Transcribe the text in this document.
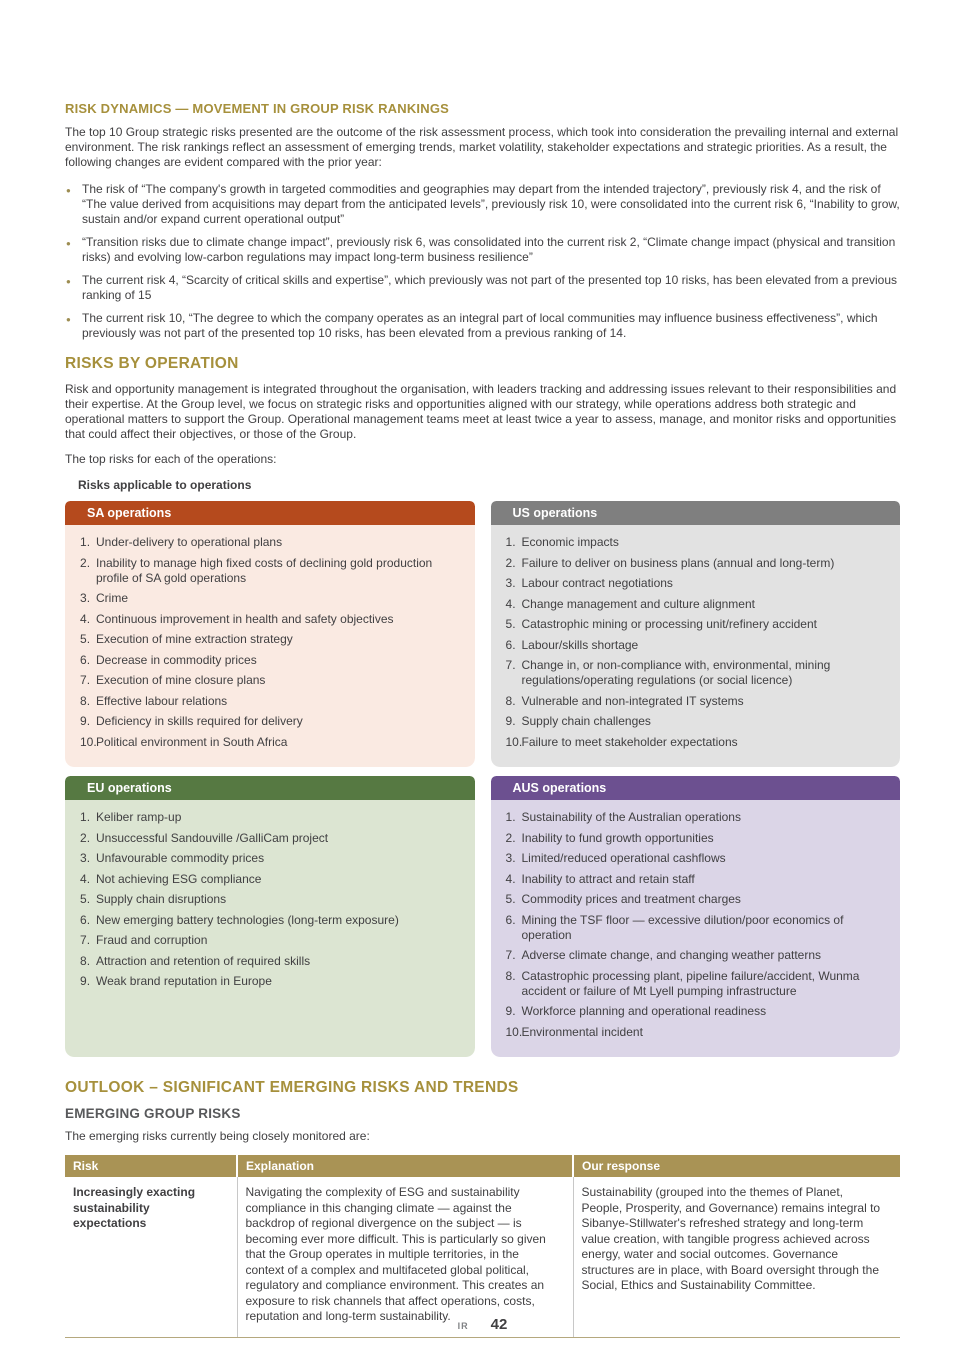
RISK DYNAMICS — MOVEMENT IN GROUP RISK RANKINGS

The top 10 Group strategic risks presented are the outcome of the risk assessment process, which took into consideration the prevailing internal and external environment. The risk rankings reflect an assessment of emerging trends, market volatility, stakeholder expectations and strategic priorities. As a result, the following changes are evident compared with the prior year:

● The risk of “The company's growth in targeted commodities and geographies may depart from the intended trajectory”, previously risk 4, and the risk of “The value derived from acquisitions may depart from the anticipated levels”, previously risk 10, were consolidated into the current risk 6, “Inability to grow, sustain and/or expand current operational output”
● “Transition risks due to climate change impact”, previously risk 6, was consolidated into the current risk 2, “Climate change impact (physical and transition risks) and evolving low-carbon regulations may impact long-term business resilience”
● The current risk 4, “Scarcity of critical skills and expertise”, which previously was not part of the presented top 10 risks, has been elevated from a previous ranking of 15
● The current risk 10, “The degree to which the company operates as an integral part of local communities may influence business effectiveness”, which previously was not part of the presented top 10 risks, has been elevated from a previous ranking of 14.
RISKS BY OPERATION

Risk and opportunity management is integrated throughout the organisation, with leaders tracking and addressing issues relevant to their responsibilities and their expertise. At the Group level, we focus on strategic risks and opportunities aligned with our strategy, while operations address both strategic and operational matters to support the Group. Operational management teams meet at least twice a year to assess, manage, and monitor risks and opportunities that could affect their objectives, or those of the Group.

The top risks for each of the operations:

Risks applicable to operations

SA operations
Under-delivery to operational plans
Inability to manage high fixed costs of declining gold production profile of SA gold operations
Crime
Continuous improvement in health and safety objectives
Execution of mine extraction strategy
Decrease in commodity prices
Execution of mine closure plans
Effective labour relations
Deficiency in skills required for delivery
10. Political environment in South Africa
US operations
Economic impacts
Failure to deliver on business plans (annual and long-term)
Labour contract negotiations
Change management and culture alignment
Catastrophic mining or processing unit/refinery accident
Labour/skills shortage
Change in, or non-compliance with, environmental, mining regulations/operating regulations (or social licence)
Vulnerable and non-integrated IT systems
Supply chain challenges
10. Failure to meet stakeholder expectations
EU operations
Keliber ramp-up
Unsuccessful Sandouville /GalliCam project
Unfavourable commodity prices
Not achieving ESG compliance
Supply chain disruptions
New emerging battery technologies (long-term exposure)
Fraud and corruption
Attraction and retention of required skills
Weak brand reputation in Europe
AUS operations
Sustainability of the Australian operations
Inability to fund growth opportunities
Limited/reduced operational cashflows
Inability to attract and retain staff
Commodity prices and treatment charges
Mining the TSF floor — excessive dilution/poor economics of operation
Adverse climate change, and changing weather patterns
Catastrophic processing plant, pipeline failure/accident, Wunma accident or failure of Mt Lyell pumping infrastructure
Workforce planning and operational readiness
10. Environmental incident
OUTLOOK – SIGNIFICANT EMERGING RISKS AND TRENDS
EMERGING GROUP RISKS

The emerging risks currently being closely monitored are:

Risk	Explanation	Our response
Increasingly exacting sustainability expectations	Navigating the complexity of ESG and sustainability compliance in this changing climate — against the backdrop of regional divergence on the subject — is becoming ever more difficult. This is particularly so given that the Group operates in multiple territories, in the context of a complex and multifaceted global political, regulatory and compliance environment. This creates an exposure to risk channels that affect operations, costs, reputation and long-term sustainability.	Sustainability (grouped into the themes of Planet, People, Prosperity, and Governance) remains integral to Sibanye-Stillwater's refreshed strategy and long-term value creation, with tangible progress achieved across energy, water and social outcomes. Governance structures are in place, with Board oversight through the Social, Ethics and Sustainability Committee.
IR 42
